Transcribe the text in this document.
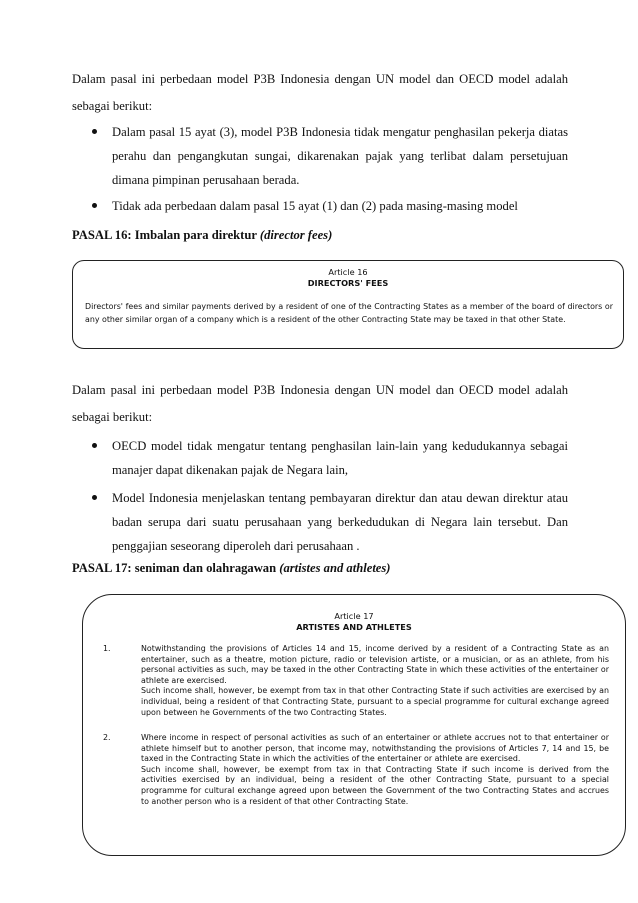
Dalam pasal ini perbedaan model P3B Indonesia dengan UN model dan OECD model adalah sebagai berikut:
Dalam pasal 15 ayat (3), model P3B Indonesia tidak mengatur penghasilan pekerja diatas perahu dan pengangkutan sungai, dikarenakan pajak yang terlibat dalam persetujuan dimana pimpinan perusahaan berada.
Tidak ada perbedaan dalam pasal 15 ayat (1) dan (2) pada masing-masing model
PASAL 16: Imbalan para direktur (director fees)
Article 16
DIRECTORS' FEES
Directors' fees and similar payments derived by a resident of one of the Contracting States as a member of the board of directors or any other similar organ of a company which is a resident of the other Contracting State may be taxed in that other State.
Dalam pasal ini perbedaan model P3B Indonesia dengan UN model dan OECD model adalah sebagai berikut:
OECD model tidak mengatur tentang penghasilan lain-lain yang kedudukannya sebagai manajer dapat dikenakan pajak de Negara lain,
Model Indonesia menjelaskan tentang pembayaran direktur dan atau dewan direktur atau badan serupa dari suatu perusahaan yang berkedudukan di Negara lain tersebut. Dan penggajian seseorang diperoleh dari perusahaan .
PASAL 17: seniman dan olahragawan (artistes and athletes)
Article 17
ARTISTES AND ATHLETES
1.	Notwithstanding the provisions of Articles 14 and 15, income derived by a resident of a Contracting State as an entertainer, such as a theatre, motion picture, radio or television artiste, or a musician, or as an athlete, from his personal activities as such, may be taxed in the other Contracting State in which these activities of the entertainer or athlete are exercised.

Such income shall, however, be exempt from tax in that other Contracting State if such activities are exercised by an individual, being a resident of that Contracting State, pursuant to a special programme for cultural exchange agreed upon between he Governments of the two Contracting States.

2.	Where income in respect of personal activities as such of an entertainer or athlete accrues not to that entertainer or athlete himself but to another person, that income may, notwithstanding the provisions of Articles 7, 14 and 15, be taxed in the Contracting State in which the activities of the entertainer or athlete are exercised.

Such income shall, however, be exempt from tax in that Contracting State if such income is derived from the activities exercised by an individual, being a resident of the other Contracting State, pursuant to a special programme for cultural exchange agreed upon between the Government of the two Contracting States and accrues to another person who is a resident of that other Contracting State.
